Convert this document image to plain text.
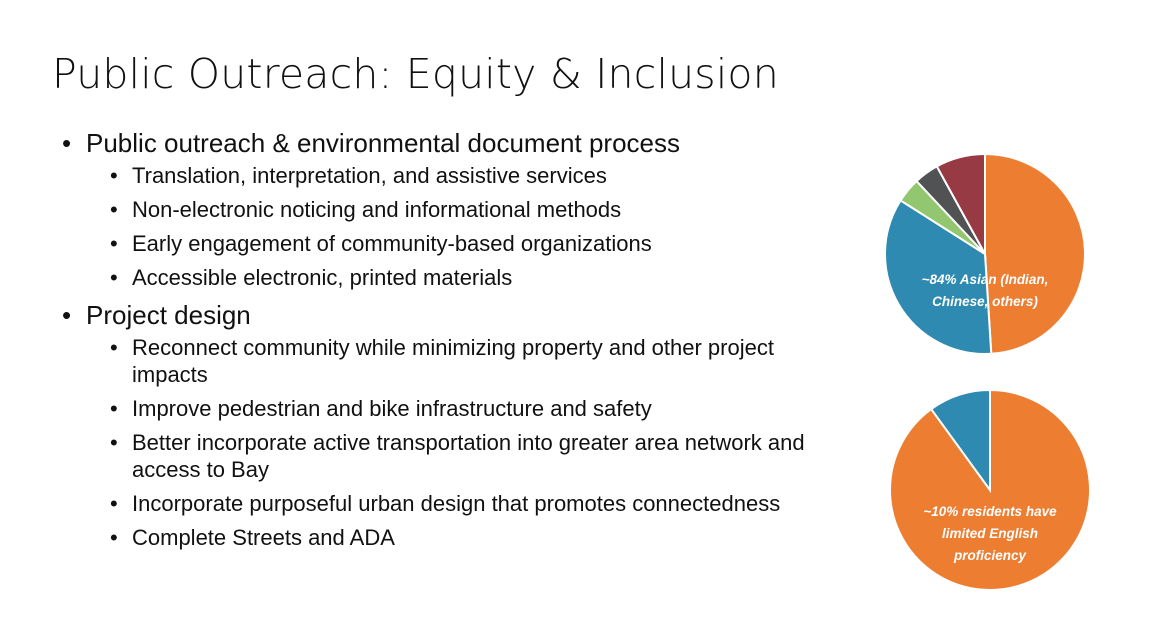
Public Outreach: Equity & Inclusion
• Public outreach & environmental document process
• Translation, interpretation, and assistive services
• Non-electronic noticing and informational methods
• Early engagement of community-based organizations
• Accessible electronic, printed materials
• Project design
• Reconnect community while minimizing property and other project impacts
• Improve pedestrian and bike infrastructure and safety
• Better incorporate active transportation into greater area network and access to Bay
• Incorporate purposeful urban design that promotes connectedness
• Complete Streets and ADA
~84% Asian (Indian,
Chinese, others)
~10% residents have
limited English
proficiency
